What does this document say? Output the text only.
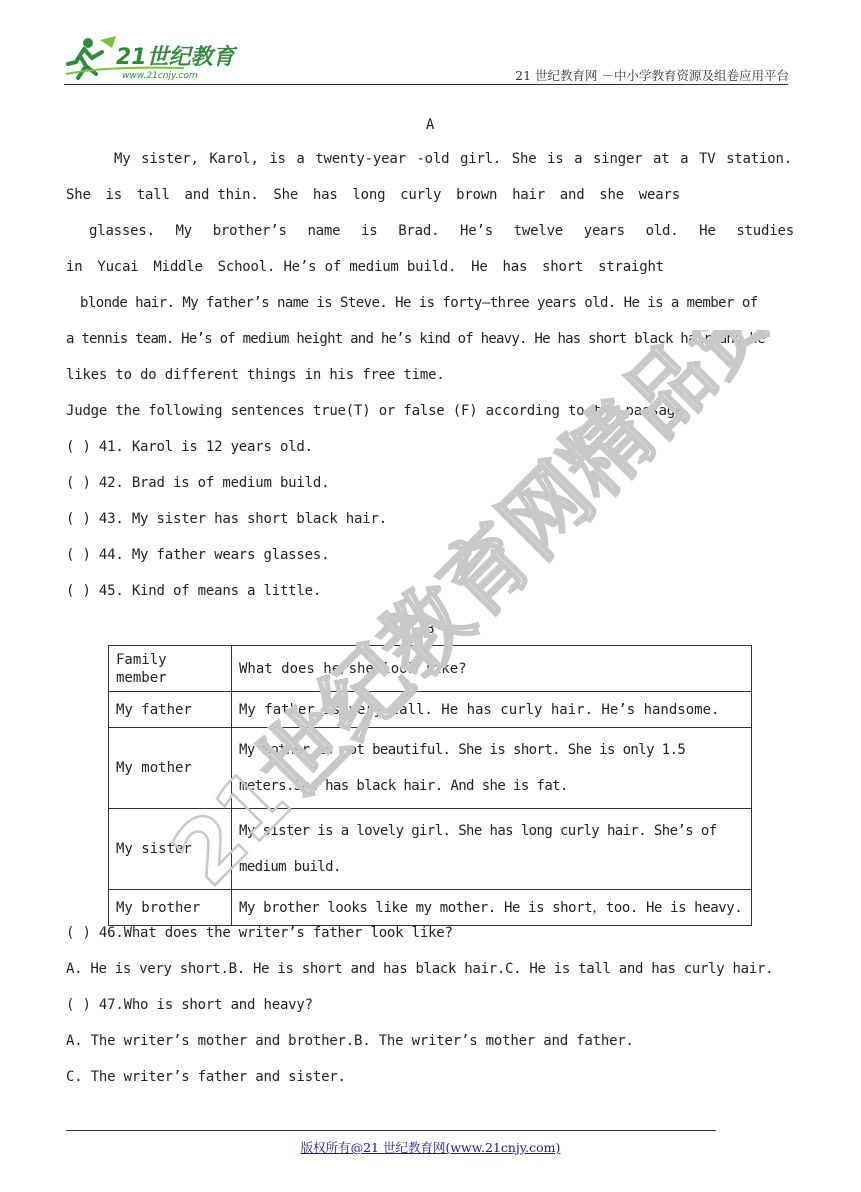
21世纪教育
www.21cnjy.com	21 世纪教育网 －中小学教育资源及组卷应用平台
A
My sister, Karol, is a twenty-year -old girl. She is a singer at a TV station.
She is tall and thin. She has long curly brown hair and she wears
glasses. My brother’s name is Brad. He’s twelve years old. He studies
in Yucai Middle School. He’s of medium build. He has short straight
blonde hair. My father’s name is Steve. He is forty—three years old. He is a member of
a tennis team. He’s of medium height and he’s kind of heavy. He has short black hair and he
likes to do different things in his free time.
Judge the following sentences true(T) or false (F) according to the passage.
( ) 41. Karol is 12 years old.
( ) 42. Brad is of medium build.
( ) 43. My sister has short black hair.
( ) 44. My father wears glasses.
( ) 45. Kind of means a little.
B
Family member	What does he/she look like?
My father	My father is very tall. He has curly hair. He’s handsome.
My mother	My mother is not beautiful. She is short. She is only 1.5 meters.She has black hair. And she is fat.
My sister	My sister is a lovely girl. She has long curly hair. She’s of medium build.
My brother	My brother looks like my mother. He is short，too. He is heavy.
( ) 46.What does the writer’s father look like?
A. He is very short.B. He is short and has black hair.C. He is tall and has curly hair.
( ) 47.Who is short and heavy?
A. The writer’s mother and brother.B. The writer’s mother and father.
C. The writer’s father and sister.
版权所有@21 世纪教育网(www.21cnjy.com)
21世纪教育网精品资料
